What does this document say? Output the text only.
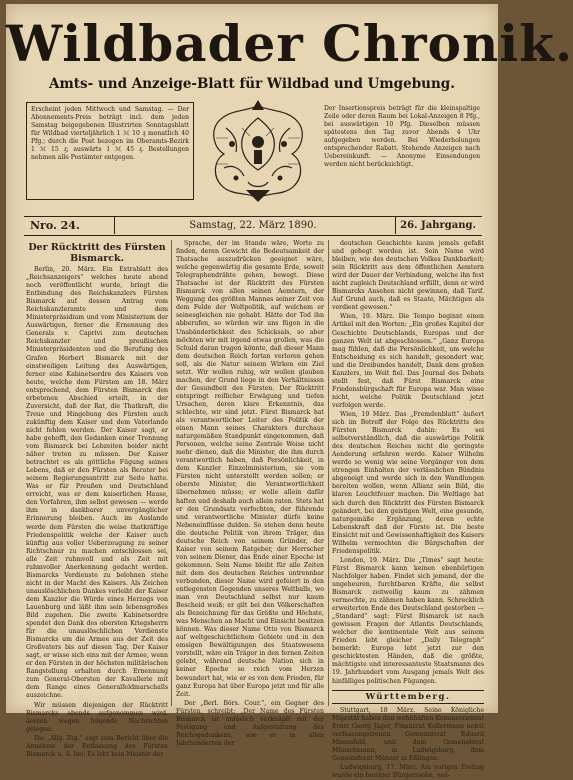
Wildbader Chronik.
Amts- und Anzeige-Blatt für Wildbad und Umgebung.
Erscheint jeden Mittwoch und Samstag. — Der Abonnements-Preis beträgt incl. dem jeden Samstag beigegebenen Illustrirten Sonntagsblatt für Wildbad vierteljährlich 1 ℳ 10 ₰ monatlich 40 Pfg.; durch die Post bezogen im Oberamts-Bezirk 1 ℳ 15 ₰; auswärts 1 ℳ 45 ₰. Bestellungen nehmen alle Postämter entgegen.
Der Insertionspreis beträgt für die kleinspaltige Zeile oder deren Raum bei Lokal-Anzeigen 8 Pfg., bei auswärtigen 10 Pfg. Dieselben müssen spätestens den Tag zuvor Abends 4 Uhr aufgegeben werden. Bei Wiederholungen entsprechender Rabatt. Stehende Anzeigen nach Uebereinkunft. — Anonyme Einsendungen werden nicht berücksichtigt.
Nro. 24.	Samstag, 22. März 1890.	26. Jahrgang.
Der Rücktritt des Fürsten Bismarck.

Berlin, 20. März. Ein Extrablatt des „Reichsanzeigers“ welches heute abend noch veröffentlicht wurde, bringt die Entbindung des Reichskanzlers Fürsten Bismarck auf dessen Antrag vom Reichskanzleramte und dem Ministerpräsidium und vom Ministerium der Auswärtigen, ferner die Ernennung des Generals v. Caprivi zum deutschen Reichskanzler und preußischen Ministerpräsidenten und die Berufung des Grafen Herbert Bismarck mit der einstweiligen Leitung des Auswärtigen, ferner eine Kabinetsordre des Kaisers von heute, welche dem Fürsten am 18. März entsprechend, dem Fürsten Bismarck den erbetenen Abschied erteilt, in der Zuversicht, daß der Rat, die Thatkraft, die Treue und Hingebung des Fürsten auch zukünftig dem Kaiser und dem Vaterlande nicht fehlen werden. Der Kaiser sagt, er habe gehofft, den Gedanken einer Trennung vom Bismarck bei Lebzeiten beider nicht näher treten zu müssen. Der Kaiser betrachtet es als göttliche Fügung seines Lebens, daß er den Fürsten als Berater bei seinem Regierungsantritt zur Seite hatte. Was er für Preußen und Deutschland erreicht, was er dem kaiserlichen Hause, den Vorfahren, ihm selbst gewesen — werde ihm in dankbarer unvergänglicher Erinnerung bleiben. Auch im Auslande werde dem Fürsten die weise thatkräftige Friedenspolitik welche der Kaiser auch künftig aus voller Ueberzeugung zu seiner Richtschnur zu machen entschlossen sei, alle Zeit ruhmvoll und als Zeit mit ruhmvoller Anerkennung gedacht werden. Bismarcks Verdienste zu belohnen stehe nicht in der Macht des Kaisers. Als Zeichen unauslöschlichen Dankes verleiht der Kaiser dem Kanzler die Würde eines Herzogs von Lauenburg und läßt ihm sein lebensgroßes Bild zugehen. Die zweite Kabinetsordre spendet den Dank des obersten Kriegsherrn für die unauslöschlichen Verdienste Bismarcks um die Armee aus der Zeit des Großvaters bis auf diesen Tag. Der Kaiser sagt, er wisse sich eins mit der Armee, wenn er den Fürsten in der höchsten militärischen Rangstellung erhalten durch Ernennung zum General-Obersten der Kavallerie mit dem Range eines Generalfeldmarschalls auszeichne.

Wir müssen diejenigen der Rücktritt Bismarcks abends aufgenommen wird, dessen wegen folgende Nachrichten gelegen:

Die „Allg. Ztg.“ sagt zum Bericht über die Annahme der Entlassung des Fürsten Bismarck u. A. bei: Es lebt kein Meister der

Sprache, der im Stande wäre, Worte zu finden, deren Gewicht die Bedeutsamkeit der Thatsache auszudrücken geeignet wäre, welche gegenwärtig die gesamte Erde, soweit Telegraphendrähte gehen, bewegt. Diese Thatsache ist der Rücktritt des Fürsten Bismarck von allen seinen Aemtern, der Weggang des größten Mannes seiner Zeit von dem Felde der Weltpolitik, auf welchem er seinesgleichen nie gehabt. Hätte der Tod ihn abberufen, so würden wir uns fügen in die Unabänderlichkeit des Schicksals, so aber möchten wir mit irgend etwas grollen, was die Schuld daran tragen könnte, daß dieser Mann dem deutschen Reich fortan verloren gehen soll, als die Natur seinem Wirken ein Ziel setzt. Wir wollen ruhig, wir wollen glauben machen, der Grund liege in den Verhältnissen der Gesundheit des Fürsten. Der Rücktritt entspringt reiflicher Erwägung und tiefen Ursachen, deren klare Erkenntnis, das schlechte, wir sind jetzt. Fürst Bismarck hat als verantwortlicher Leiter des Politik der einen Mann seines Charakters durchaus naturgemäßen Standpunkt eingenommen, daß Personen, welche seine Zentrale Weise nicht mehr dienen, daß die Minister, die ihm durch verantwortlich haben, daß Persönlichkeit, in dem Kanzler Einzelministerium, sie vom Fürsten nicht unterstellt werden sollen; er oberste Minister, die Verantwortlichkeit übernehmen müsse; er wolle allein dafür haften und deshalb auch allein raten. Stets hat er den Grundsatz verfochten, der führende und verantwortliche Minister dürfe keine Nebeneinflüsse dulden. So stehen denn heute die deutsche Politik von ihrem Träger, das deutsche Reich von seinem Gründer, der Kaiser von seinem Ratgeber, der Herrscher von seinem Diener, das Ende einer Epoche ist gekommen. Sein Name bleibt für alle Zeiten mit dem des deutschen Reiches untrennbar verbunden, dieser Name wird gefeiert in den entlegensten Gegenden unseres Weltballs, wo man von Deutschland selbst nur kaum Bescheid weiß; er gilt bei den Völkerschaften als Bezeichnung für das Größte und Höchste, was Menschen an Macht und Einsicht besitzen können. Was dieser Name Otto von Bismarck auf weltgeschichtlichem Gebiete und in den emsigen Bewältigungen des Staatswesens vorstellt, wäre ein Träger in den fernen Zeiten gelebt, während deutsche Nation sich in keiner Epoche so reich vom Herzen bewundert hat, wie er es von dem Frieden, für ganz Europa hat über Europa jetzt und für alle Zeit.

Der „Berl. Börs. Cour.“, ein Gegner des Fürsten, schreibt: „Der Name des Fürsten Bismarck ist unlöslich verknüpft mit der Festigung und Aufgestaltung des Reichsgedankens, wie er in allen Jahrhunderten der

deutschen Geschichte kaum jemals gefaßt und gehegt worden ist. Sein Name wird bleiben, wie des deutschen Volkes Dankbarkeit; sein Rücktritt aus dem öffentlichen Aemtern wird der Dauer der Verbindung, welche ihn fest nicht zugleich Deutschland erfüllt, denn er wird Bismarcks Ansehen nicht gewinnen, daß Tarif. Auf Grund auch, daß es Staate, Mächtigen als verdient gewesen.“

Wien, 19. März. Die Tempo beginnt einen Artikel mit den Worten: „Ein großes Kapitel der Geschichte Deutschlands, Europas und der ganzen Welt ist abgeschlossen.“ „Ganz Europa mag fühlen, daß die Persönlichkeit, um welche Entscheidung es sich handelt, gesondert war, und die Dreibundes handelt, Dank dem großen Kanzlers, im Welt fiel. Das Journal des Debats stellt fest, daß Fürst Bismarck eine Friedensbürgschaft für Europa war. Man wisse nicht, welche Politik Deutschland jetzt verfolgen werde.

Wien, 19 März. Das „Fremdenblatt“ äußert sich im Betreff der Folge des Rücktritts des Fürsten Bismarck dahin: Es sei selbstverständlich, daß die auswärtige Politik des deutschen Reiches nicht die geringste Aenderung erfahren werde. Kaiser Wilhelm werde so wenig wie seine Vorgänger von dem strengen Einhalten der verlässlichen Bündnis abgeneigt und werde sich in den Wandlungen bereiten wollen, wenn Allianz sein Bild, die klaren Leuchtfeuer machen. Die Weltlage hat sich durch den Rücktritt des Fürsten Bismarck geändert, bei den geistigen Welt, eine gesunde, naturgemäße Ergänzung, deren echte Lebenskraft daß der Fürste ist. Die beste Einsicht mit und Gewissenhaftigkeit des Kaisers Wilhelm vermochten die Bürgschaften der Friedenspolitik.

London, 19. März. Die „Times“ sagt heute: Fürst Bismarck kann keinen ebenbürtigen Nachfolger haben. Findet sich jemand, der die ungeheuren, furchtbaren Kräfte, die selbst Bismarck zeitweilig kaum zu zähmen vermochte, zu zähmen haben kann. Schrecklich erweiterten Ende des Deutschland gestorben — „Standard“ sagt: Fürst Bismarck ist nach gewissen Fragen der Atlantis Deutschlands, welcher die kontinentale Welt aus seinem Frieden lebt gleicher „Daily Telegraph“ bemerkt: Europa lebt jetzt zur den geschicktesten Händen, daß die größte, mächtigste und interessanteste Staatsmann des 19. Jahrhundert vom Ausgang jemals Welt des hinfälliges politischen Fügungen.

Württemberg.

Stuttgart, 18 März. Seine Königliche Majestät haben den wohnhaften Kommerzienrat Ernst Georg Jäger, Finanzrat Kellermann nebst verfassungstreuen Gemeinderat Eduard Mannsfeld, und dem Gemeinderat Münschmann, in Ludwigsburg, dem Gemeinderat Münzer in Eßlingen.

Ludwigsburg, 17. März. Am vorigen Freitag wurde ein hiesiger Bürgerssohn, wel-
